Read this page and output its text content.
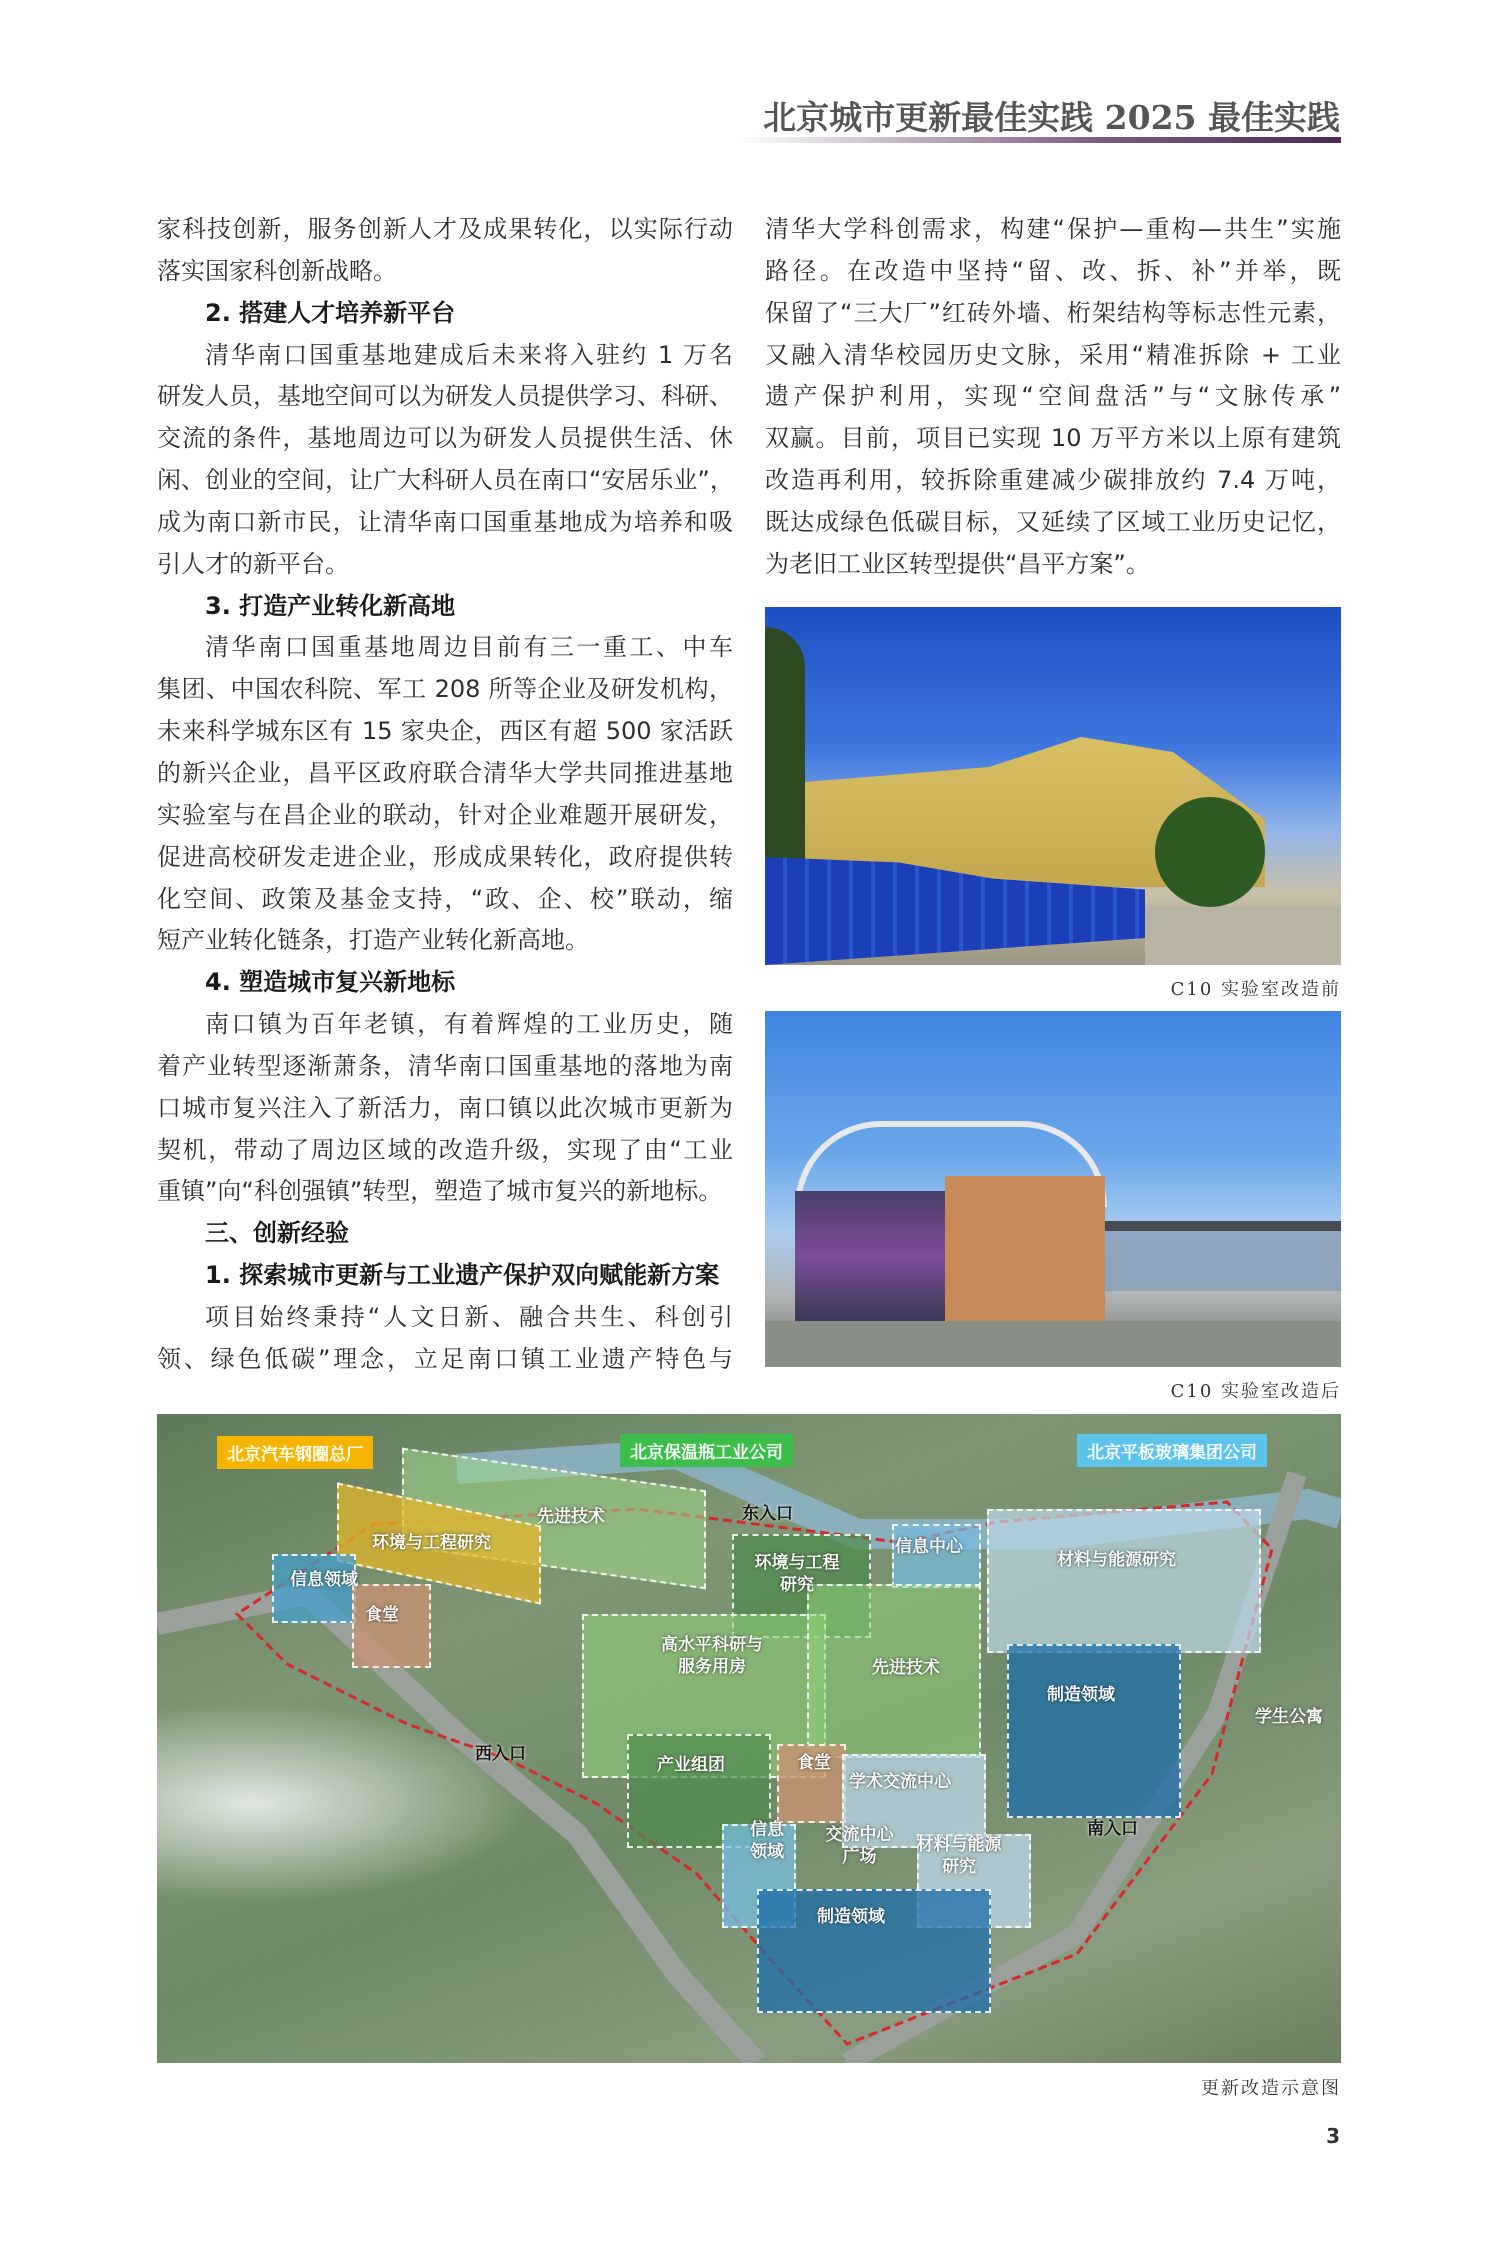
北京城市更新最佳实践 2025 最佳实践
家科技创新，服务创新人才及成果转化，以实际行动
落实国家科创新战略。
2. 搭建人才培养新平台
清华南口国重基地建成后未来将入驻约 1 万名
研发人员，基地空间可以为研发人员提供学习、科研、
交流的条件，基地周边可以为研发人员提供生活、休
闲、创业的空间，让广大科研人员在南口“安居乐业”，
成为南口新市民，让清华南口国重基地成为培养和吸
引人才的新平台。
3. 打造产业转化新高地
清华南口国重基地周边目前有三一重工、中车
集团、中国农科院、军工 208 所等企业及研发机构，
未来科学城东区有 15 家央企，西区有超 500 家活跃
的新兴企业，昌平区政府联合清华大学共同推进基地
实验室与在昌企业的联动，针对企业难题开展研发，
促进高校研发走进企业，形成成果转化，政府提供转
化空间、政策及基金支持，“政、企、校”联动，缩
短产业转化链条，打造产业转化新高地。
4. 塑造城市复兴新地标
南口镇为百年老镇，有着辉煌的工业历史，随
着产业转型逐渐萧条，清华南口国重基地的落地为南
口城市复兴注入了新活力，南口镇以此次城市更新为
契机，带动了周边区域的改造升级，实现了由“工业
重镇”向“科创强镇”转型，塑造了城市复兴的新地标。
三、创新经验
1. 探索城市更新与工业遗产保护双向赋能新方案
项目始终秉持“人文日新、融合共生、科创引
领、绿色低碳”理念，立足南口镇工业遗产特色与
清华大学科创需求，构建“保护—重构—共生”实施
路径。在改造中坚持“留、改、拆、补”并举，既
保留了“三大厂”红砖外墙、桁架结构等标志性元素，
又融入清华校园历史文脉，采用“精准拆除 + 工业
遗产保护利用，实现“空间盘活”与“文脉传承”
双赢。目前，项目已实现 10 万平方米以上原有建筑
改造再利用，较拆除重建减少碳排放约 7.4 万吨，
既达成绿色低碳目标，又延续了区域工业历史记忆，
为老旧工业区转型提供“昌平方案”。
C10 实验室改造前
C10 实验室改造后
北京汽车钢圈总厂	北京保温瓶工业公司	北京平板玻璃集团公司
东入口
西入口
南入口
先进技术
环境与工程研究
信息领域
食堂
环境与工程研究
信息中心
材料与能源研究
高水平科研与服务用房	先进技术
制造领域
学生公寓
产业组团	食堂
学术交流中心
信息领域
交流中心广场
材料与能源研究
制造领域
更新改造示意图
3
